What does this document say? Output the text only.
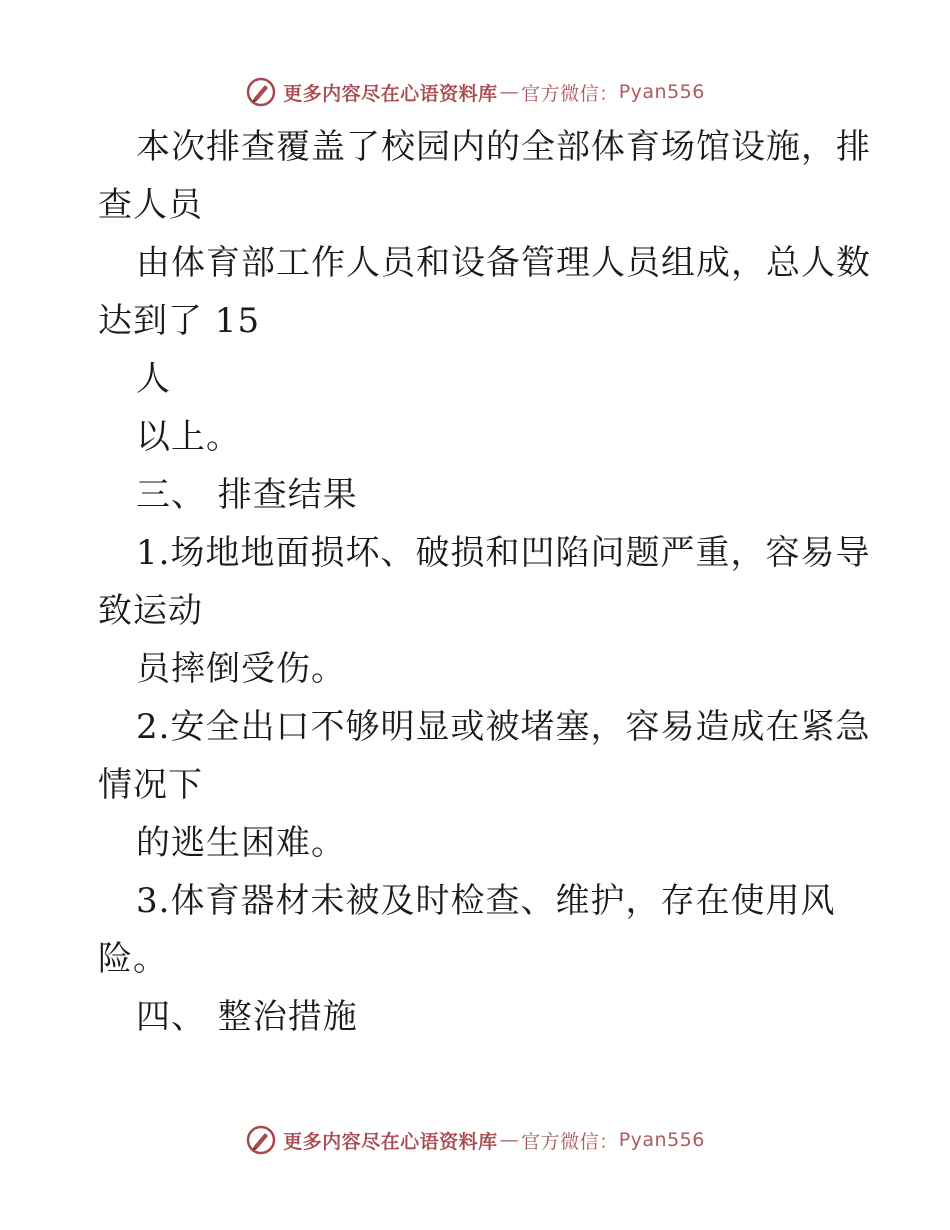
更多内容尽在心语资料库 — 官方微信： Pyan556
本次排查覆盖了校园内的全部体育场馆设施，排
查人员
由体育部工作人员和设备管理人员组成，总人数
达到了 15
人
以上。
三、 排查结果
1.场地地面损坏、破损和凹陷问题严重，容易导
致运动
员摔倒受伤。
2.安全出口不够明显或被堵塞，容易造成在紧急
情况下
的逃生困难。
3.体育器材未被及时检查、维护，存在使用风
险。
四、 整治措施
更多内容尽在心语资料库 — 官方微信： Pyan556
